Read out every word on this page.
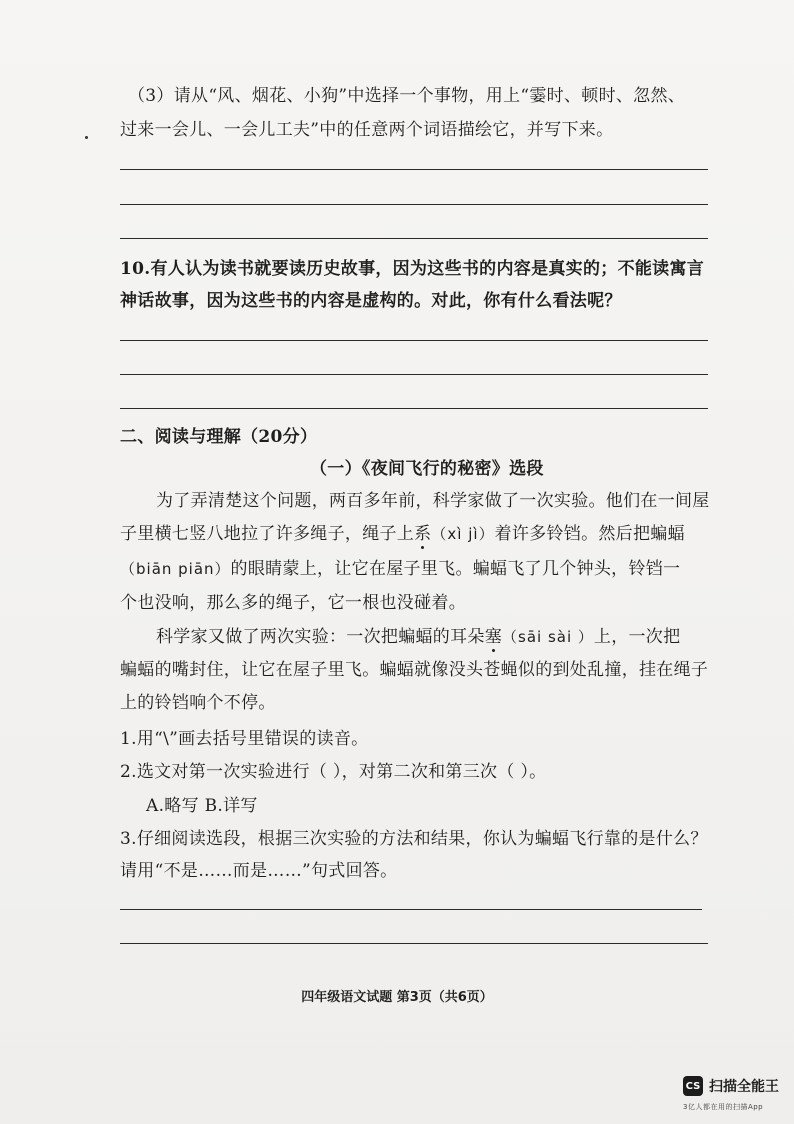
（3）请从“风、烟花、小狗”中选择一个事物，用上“霎时、顿时、忽然、
过来一会儿、一会儿工夫”中的任意两个词语描绘它，并写下来。
10.有人认为读书就要读历史故事，因为这些书的内容是真实的；不能读寓言
神话故事，因为这些书的内容是虚构的。对此，你有什么看法呢？
二、阅读与理解（20分）
（一）《夜间飞行的秘密》选段
为了弄清楚这个问题，两百多年前，科学家做了一次实验。他们在一间屋
子里横七竖八地拉了许多绳子，绳子上系（xì jì）着许多铃铛。然后把蝙蝠
（biān piān）的眼睛蒙上，让它在屋子里飞。蝙蝠飞了几个钟头，铃铛一
个也没响，那么多的绳子，它一根也没碰着。
科学家又做了两次实验：一次把蝙蝠的耳朵塞（sāi sài ）上，一次把
蝙蝠的嘴封住，让它在屋子里飞。蝙蝠就像没头苍蝇似的到处乱撞，挂在绳子
上的铃铛响个不停。
1.用“\”画去括号里错误的读音。
2.选文对第一次实验进行（ ），对第二次和第三次（ ）。
A.略写 B.详写
3.仔细阅读选段，根据三次实验的方法和结果，你认为蝙蝠飞行靠的是什么？
请用“不是……而是……”句式回答。
四年级语文试题 第3页（共6页）
CS 扫描全能王
3亿人都在用的扫描App
